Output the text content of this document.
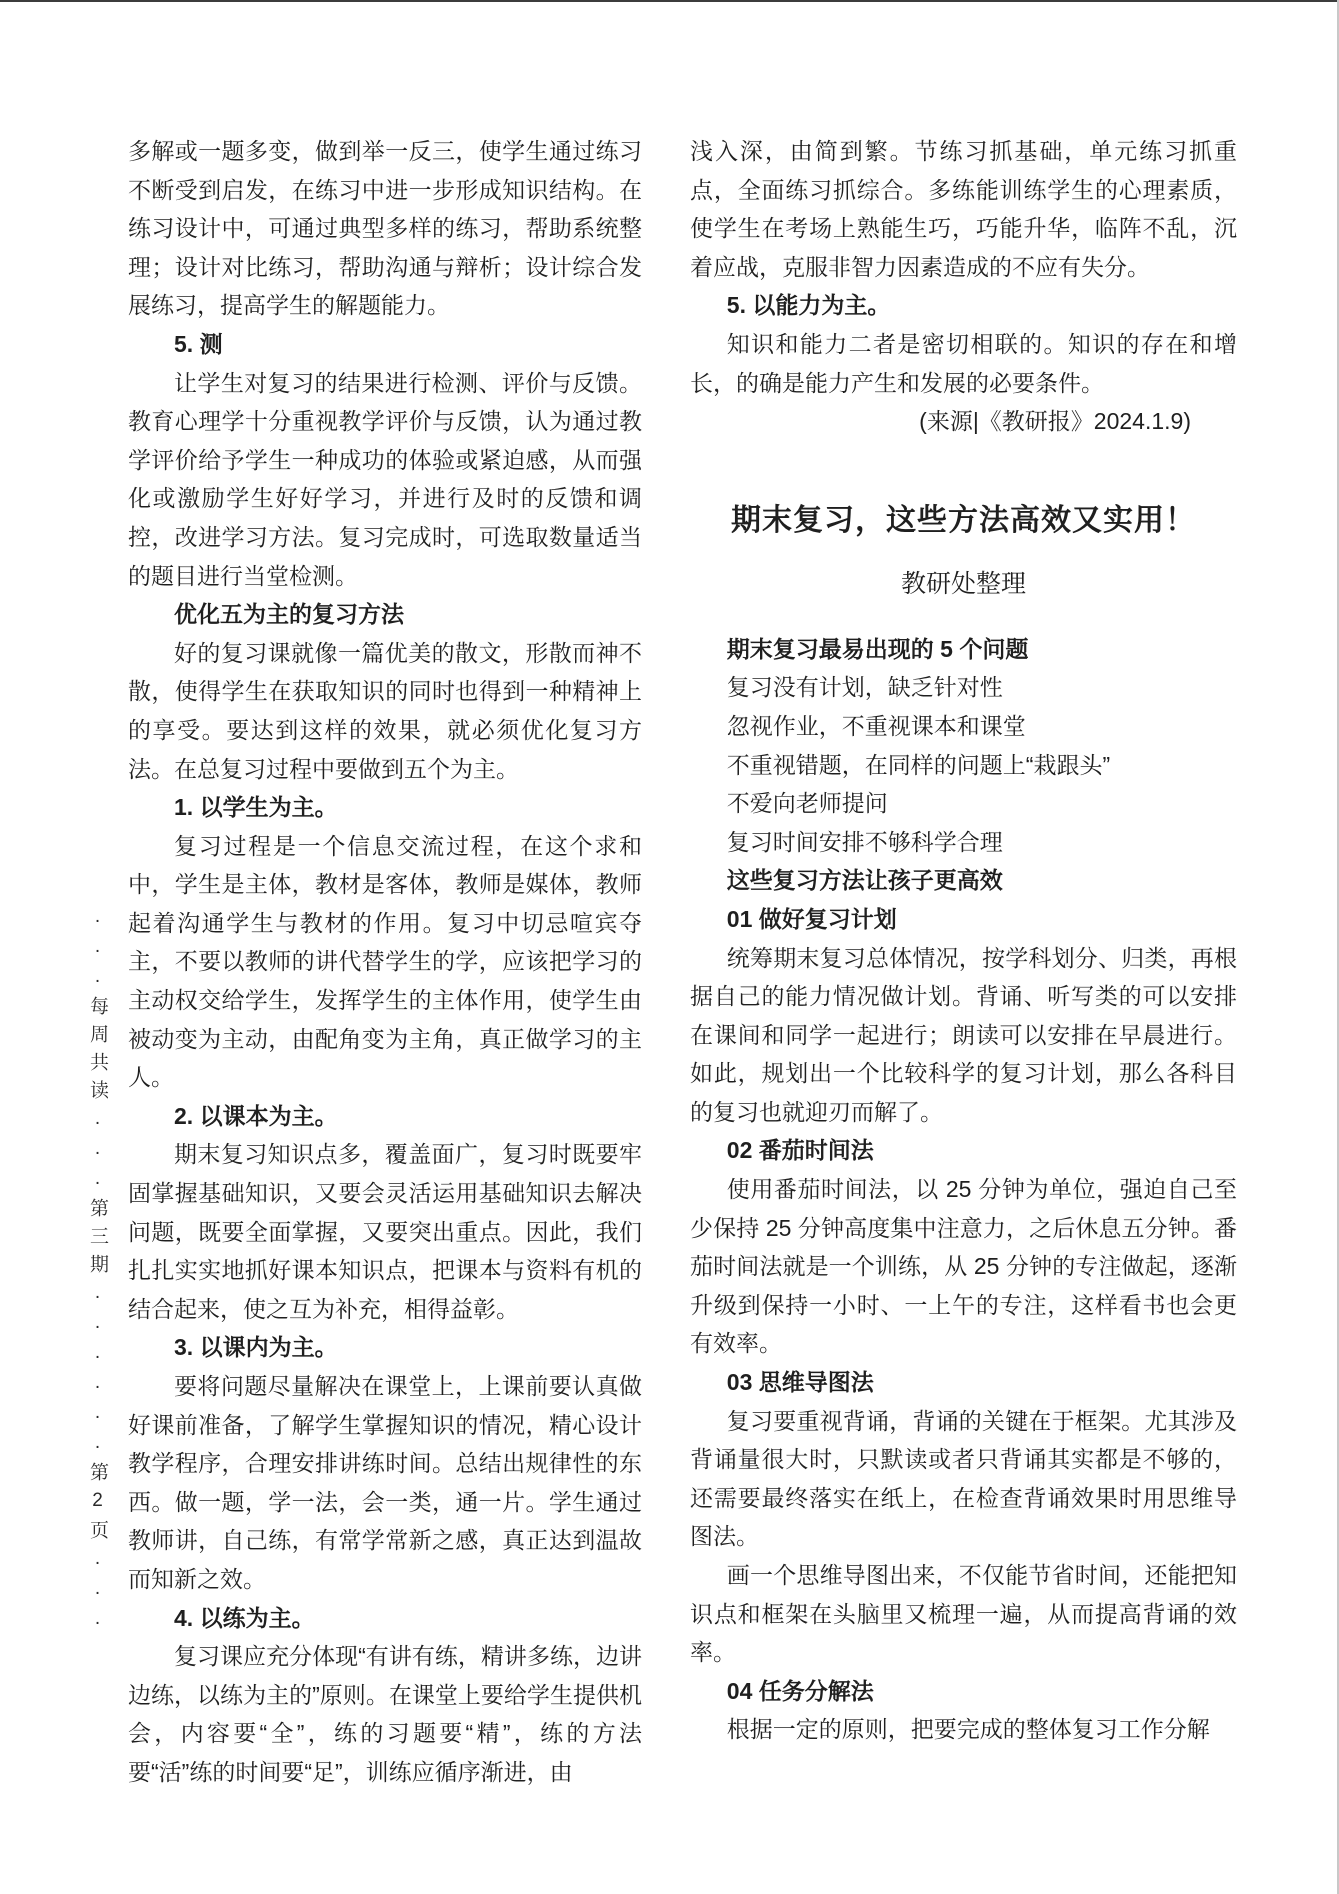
...每周共读...第三期......第2页...

多解或一题多变，做到举一反三，使学生通过练习不断受到启发，在练习中进一步形成知识结构。在练习设计中，可通过典型多样的练习，帮助系统整理；设计对比练习，帮助沟通与辩析；设计综合发展练习，提高学生的解题能力。

5. 测

让学生对复习的结果进行检测、评价与反馈。教育心理学十分重视教学评价与反馈，认为通过教学评价给予学生一种成功的体验或紧迫感，从而强化或激励学生好好学习，并进行及时的反馈和调控，改进学习方法。复习完成时，可选取数量适当的题目进行当堂检测。

优化五为主的复习方法

好的复习课就像一篇优美的散文，形散而神不散，使得学生在获取知识的同时也得到一种精神上的享受。要达到这样的效果，就必须优化复习方法。在总复习过程中要做到五个为主。

1. 以学生为主。

复习过程是一个信息交流过程，在这个求和中，学生是主体，教材是客体，教师是媒体，教师起着沟通学生与教材的作用。复习中切忌喧宾夺主，不要以教师的讲代替学生的学，应该把学习的主动权交给学生，发挥学生的主体作用，使学生由被动变为主动，由配角变为主角，真正做学习的主人。

2. 以课本为主。

期末复习知识点多，覆盖面广，复习时既要牢固掌握基础知识，又要会灵活运用基础知识去解决问题，既要全面掌握，又要突出重点。因此，我们扎扎实实地抓好课本知识点，把课本与资料有机的结合起来，使之互为补充，相得益彰。

3. 以课内为主。

要将问题尽量解决在课堂上，上课前要认真做好课前准备，了解学生掌握知识的情况，精心设计教学程序，合理安排讲练时间。总结出规律性的东西。做一题，学一法，会一类，通一片。学生通过教师讲，自己练，有常学常新之感，真正达到温故而知新之效。

4. 以练为主。

复习课应充分体现“有讲有练，精讲多练，边讲边练，以练为主的”原则。在课堂上要给学生提供机会，内容要“全”，练的习题要“精”，练的方法要“活”练的时间要“足”，训练应循序渐进，由

浅入深，由简到繁。节练习抓基础，单元练习抓重点，全面练习抓综合。多练能训练学生的心理素质，使学生在考场上熟能生巧，巧能升华，临阵不乱，沉着应战，克服非智力因素造成的不应有失分。

5. 以能力为主。

知识和能力二者是密切相联的。知识的存在和增长，的确是能力产生和发展的必要条件。

(来源|《教研报》2024.1.9)

期末复习，这些方法高效又实用！

教研处整理

期末复习最易出现的 5 个问题

复习没有计划，缺乏针对性

忽视作业，不重视课本和课堂

不重视错题，在同样的问题上“栽跟头”

不爱向老师提问

复习时间安排不够科学合理

这些复习方法让孩子更高效

01 做好复习计划

统筹期末复习总体情况，按学科划分、归类，再根据自己的能力情况做计划。背诵、听写类的可以安排在课间和同学一起进行；朗读可以安排在早晨进行。如此，规划出一个比较科学的复习计划，那么各科目的复习也就迎刃而解了。

02 番茄时间法

使用番茄时间法，以 25 分钟为单位，强迫自己至少保持 25 分钟高度集中注意力，之后休息五分钟。番茄时间法就是一个训练，从 25 分钟的专注做起，逐渐升级到保持一小时、一上午的专注，这样看书也会更有效率。

03 思维导图法

复习要重视背诵，背诵的关键在于框架。尤其涉及背诵量很大时，只默读或者只背诵其实都是不够的，还需要最终落实在纸上，在检查背诵效果时用思维导图法。

画一个思维导图出来，不仅能节省时间，还能把知识点和框架在头脑里又梳理一遍，从而提高背诵的效率。

04 任务分解法

根据一定的原则，把要完成的整体复习工作分解
